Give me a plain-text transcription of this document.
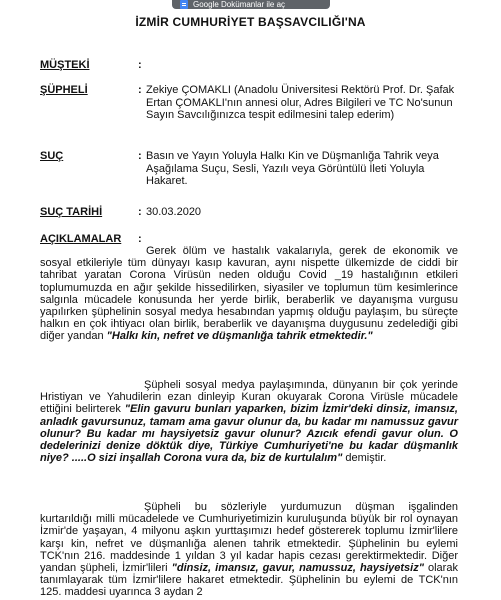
Google Dokümanlar ile aç
İZMİR CUMHURİYET BAŞSAVCILIĞI'NA
MÜŞTEKİ	:
ŞÜPHELİ	: Zekiye ÇOMAKLI (Anadolu Üniversitesi Rektörü Prof. Dr. Şafak Ertan ÇOMAKLI'nın annesi olur, Adres Bilgileri ve TC No'sunun Sayın Savcılığınızca tespit edilmesini talep ederim)
SUÇ	: Basın ve Yayın Yoluyla Halkı Kin ve Düşmanlığa Tahrik veya Aşağılama Suçu, Sesli, Yazılı veya Görüntülü İleti Yoluyla Hakaret.
SUÇ TARİHİ	: 30.03.2020
AÇIKLAMALAR :
Gerek ölüm ve hastalık vakalarıyla, gerek de ekonomik ve sosyal etkileriyle tüm dünyayı kasıp kavuran, aynı nispette ülkemizde de ciddi bir tahribat yaratan Corona Virüsün neden olduğu Covid _19 hastalığının etkileri toplumumuzda en ağır şekilde hissedilirken, siyasiler ve toplumun tüm kesimlerince salgınla mücadele konusunda her yerde birlik, beraberlik ve dayanışma vurgusu yapılırken şüphelinin sosyal medya hesabından yapmış olduğu paylaşım, bu süreçte halkın en çok ihtiyacı olan birlik, beraberlik ve dayanışma duygusunu zedelediği gibi diğer yandan "Halkı kin, nefret ve düşmanlığa tahrik etmektedir."
Şüpheli sosyal medya paylaşımında, dünyanın bir çok yerinde Hristiyan ve Yahudilerin ezan dinleyip Kuran okuyarak Corona Virüsle mücadele ettiğini belirterek "Elin gavuru bunları yaparken, bizim İzmir'deki dinsiz, imansız, anladık gavursunuz, tamam ama gavur olunur da, bu kadar mı namussuz gavur olunur? Bu kadar mı haysiyetsiz gavur olunur? Azıcık efendi gavur olun. O dedelerinizi denize döktük diye, Türkiye Cumhuriyeti'ne bu kadar düşmanlık niye? .....O sizi inşallah Corona vura da, biz de kurtulalım" demiştir.
Şüpheli bu sözleriyle yurdumuzun düşman işgalinden kurtarıldığı milli mücadelede ve Cumhuriyetimizin kuruluşunda büyük bir rol oynayan İzmir'de yaşayan, 4 milyonu aşkın yurttaşımızı hedef göstererek toplumu İzmir'lilere karşı kin, nefret ve düşmanlığa alenen tahrik etmektedir. Şüphelinin bu eylemi TCK'nın 216. maddesinde 1 yıldan 3 yıl kadar hapis cezası gerektirmektedir. Diğer yandan şüpheli, İzmir'lileri "dinsiz, imansız, gavur, namussuz, haysiyetsiz" olarak tanımlayarak tüm İzmir'lilere hakaret etmektedir. Şüphelinin bu eylemi de TCK'nın 125. maddesi uyarınca 3 aydan 2
